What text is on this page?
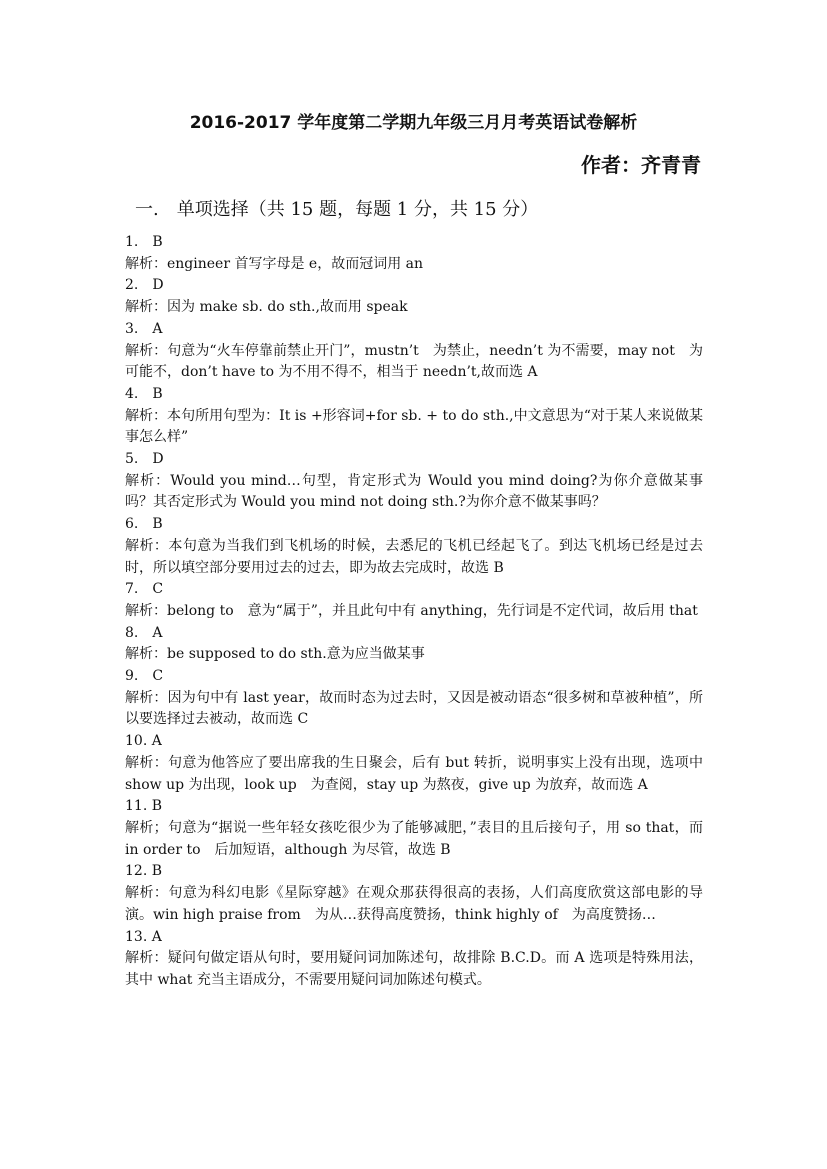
2016-2017 学年度第二学期九年级三月月考英语试卷解析
作者：齐青青
一.　单项选择（共 15 题，每题 1 分，共 15 分）

1.　B

解析：engineer 首写字母是 e，故而冠词用 an

2.　D

解析：因为 make sb. do sth.,故而用 speak

3.　A

解析：句意为“火车停靠前禁止开门”，mustn’t　为禁止，needn’t 为不需要，may not　为可能不，don’t have to 为不用不得不，相当于 needn’t,故而选 A

4.　B

解析：本句所用句型为：It is +形容词+for sb. + to do sth.,中文意思为“对于某人来说做某事怎么样”

5.　D

解析：Would you mind…句型，肯定形式为 Would you mind doing?为你介意做某事吗？其否定形式为 Would you mind not doing sth.?为你介意不做某事吗？

6.　B

解析：本句意为当我们到飞机场的时候，去悉尼的飞机已经起飞了。到达飞机场已经是过去时，所以填空部分要用过去的过去，即为故去完成时，故选 B

7.　C

解析：belong to　意为“属于”，并且此句中有 anything，先行词是不定代词，故后用 that

8.　A

解析：be supposed to do sth.意为应当做某事

9.　C

解析：因为句中有 last year，故而时态为过去时，又因是被动语态“很多树和草被种植”，所以要选择过去被动，故而选 C

10. A

解析：句意为他答应了要出席我的生日聚会，后有 but 转折，说明事实上没有出现，选项中 show up 为出现，look up　为查阅，stay up 为熬夜，give up 为放弃，故而选 A

11. B

解析；句意为“据说一些年轻女孩吃很少为了能够减肥，”表目的且后接句子，用 so that，而 in order to　后加短语，although 为尽管，故选 B

12. B

解析：句意为科幻电影《星际穿越》在观众那获得很高的表扬，人们高度欣赏这部电影的导演。win high praise from　为从…获得高度赞扬，think highly of　为高度赞扬…

13. A

解析：疑问句做定语从句时，要用疑问词加陈述句，故排除 B.C.D。而 A 选项是特殊用法，其中 what 充当主语成分，不需要用疑问词加陈述句模式。
